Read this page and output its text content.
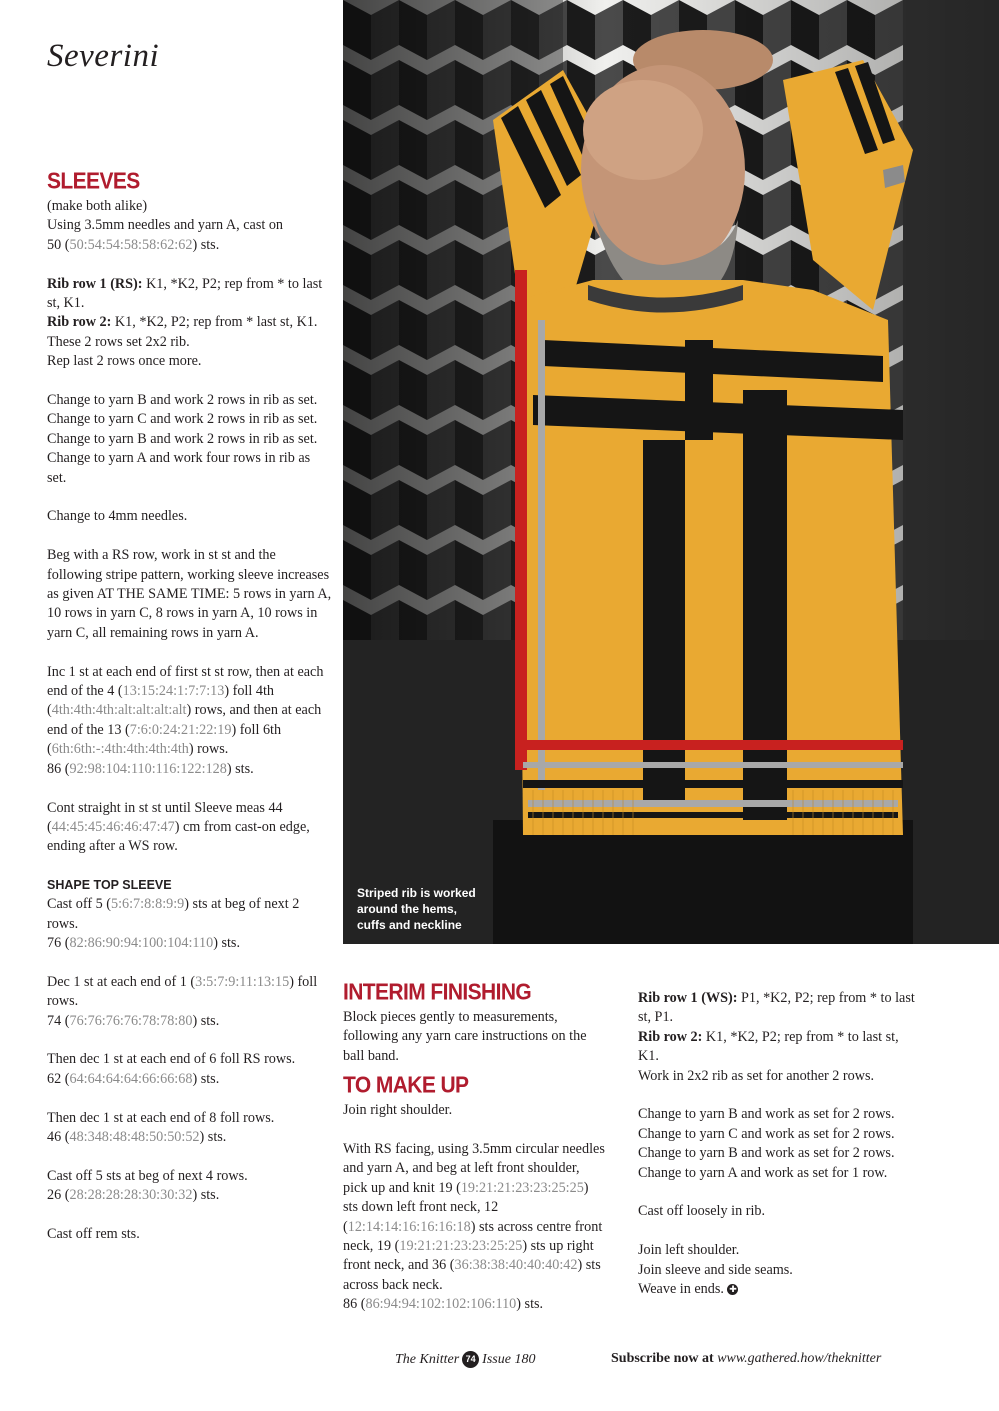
Severini
SLEEVES

(make both alike)
Using 3.5mm needles and yarn A, cast on
50 (50:54:54:58:58:62:62) sts.

Rib row 1 (RS): K1, *K2, P2; rep from * to last st, K1.
Rib row 2: K1, *K2, P2; rep from * last st, K1.
These 2 rows set 2x2 rib.
Rep last 2 rows once more.

Change to yarn B and work 2 rows in rib as set.
Change to yarn C and work 2 rows in rib as set.
Change to yarn B and work 2 rows in rib as set.
Change to yarn A and work four rows in rib as set.

Change to 4mm needles.

Beg with a RS row, work in st st and the following stripe pattern, working sleeve increases as given AT THE SAME TIME: 5 rows in yarn A, 10 rows in yarn C, 8 rows in yarn A, 10 rows in yarn C, all remaining rows in yarn A.

Inc 1 st at each end of first st st row, then at each end of the 4 (13:15:24:1:7:7:13) foll 4th (4th:4th:4th:alt:alt:alt:alt) rows, and then at each end of the 13 (7:6:0:24:21:22:19) foll 6th (6th:6th:-:4th:4th:4th:4th) rows.
86 (92:98:104:110:116:122:128) sts.

Cont straight in st st until Sleeve meas 44 (44:45:45:46:46:47:47) cm from cast-on edge, ending after a WS row.

SHAPE TOP SLEEVE

Cast off 5 (5:6:7:8:8:9:9) sts at beg of next 2 rows.
76 (82:86:90:94:100:104:110) sts.

Dec 1 st at each end of 1 (3:5:7:9:11:13:15) foll rows.
74 (76:76:76:76:78:78:80) sts.

Then dec 1 st at each end of 6 foll RS rows.
62 (64:64:64:64:66:66:68) sts.

Then dec 1 st at each end of 8 foll rows.
46 (48:348:48:48:50:50:52) sts.

Cast off 5 sts at beg of next 4 rows.
26 (28:28:28:28:30:30:32) sts.

Cast off rem sts.

Striped rib is worked
around the hems,
cuffs and neckline

INTERIM FINISHING

Block pieces gently to measurements, following any yarn care instructions on the ball band.

TO MAKE UP

Join right shoulder.

With RS facing, using 3.5mm circular needles and yarn A, and beg at left front shoulder, pick up and knit 19 (19:21:21:23:23:25:25) sts down left front neck, 12 (12:14:14:16:16:16:18) sts across centre front neck, 19 (19:21:21:23:23:25:25) sts up right front neck, and 36 (36:38:38:40:40:40:42) sts across back neck.
86 (86:94:94:102:102:106:110) sts.

Rib row 1 (WS): P1, *K2, P2; rep from * to last st, P1.
Rib row 2: K1, *K2, P2; rep from * to last st, K1.
Work in 2x2 rib as set for another 2 rows.

Change to yarn B and work as set for 2 rows.
Change to yarn C and work as set for 2 rows.
Change to yarn B and work as set for 2 rows.
Change to yarn A and work as set for 1 row.

Cast off loosely in rib.

Join left shoulder.
Join sleeve and side seams.
Weave in ends. ✚

The Knitter 74 Issue 180	Subscribe now at www.gathered.how/theknitter
